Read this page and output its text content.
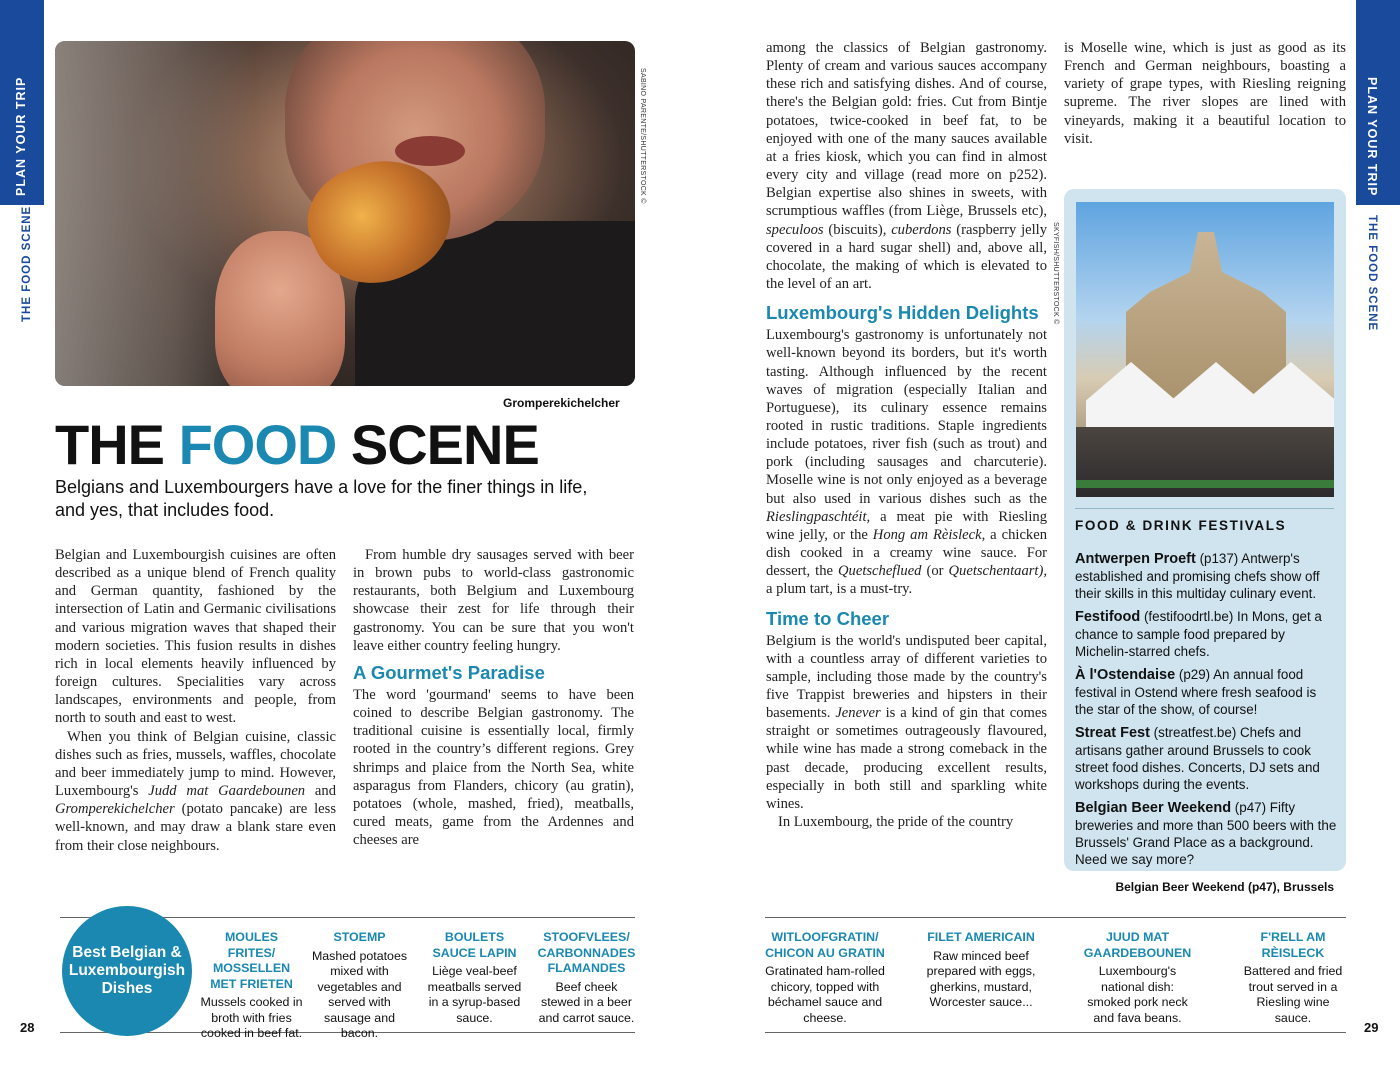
PLAN YOUR TRIP
THE FOOD SCENE
PLAN YOUR TRIP
THE FOOD SCENE
SABINO PARENTE/SHUTTERSTOCK ©
Gromperekichelcher
THE FOOD SCENE
Belgians and Luxembourgers have a love for the finer things in life, and yes, that includes food.

Belgian and Luxembourgish cuisines are often described as a unique blend of French quality and German quantity, fashioned by the intersection of Latin and Germanic civilisations and various migration waves that shaped their modern societies. This fusion results in dishes rich in local elements heavily influenced by foreign cultures. Specialities vary across landscapes, environments and people, from north to south and east to west.

When you think of Belgian cuisine, classic dishes such as fries, mussels, waffles, chocolate and beer immediately jump to mind. However, Luxembourg's Judd mat Gaardebounen and Gromperekichelcher (potato pancake) are less well-known, and may draw a blank stare even from their close neighbours.

From humble dry sausages served with beer in brown pubs to world-class gastronomic restaurants, both Belgium and Luxembourg showcase their zest for life through their gastronomy. You can be sure that you won't leave either country feeling hungry.

A Gourmet's Paradise

The word 'gourmand' seems to have been coined to describe Belgian gastronomy. The traditional cuisine is essentially local, firmly rooted in the country’s different regions. Grey shrimps and plaice from the North Sea, white asparagus from Flanders, chicory (au gratin), potatoes (whole, mashed, fried), meatballs, cured meats, game from the Ardennes and cheeses are

among the classics of Belgian gastronomy. Plenty of cream and various sauces accompany these rich and satisfying dishes. And of course, there's the Belgian gold: fries. Cut from Bintje potatoes, twice-cooked in beef fat, to be enjoyed with one of the many sauces available at a fries kiosk, which you can find in almost every city and village (read more on p252). Belgian expertise also shines in sweets, with scrumptious waffles (from Liège, Brussels etc), speculoos (biscuits), cuberdons (raspberry jelly covered in a hard sugar shell) and, above all, chocolate, the making of which is elevated to the level of an art.

Luxembourg's Hidden Delights

Luxembourg's gastronomy is unfortunately not well-known beyond its borders, but it's worth tasting. Although influenced by the recent waves of migration (especially Italian and Portuguese), its culinary essence remains rooted in rustic traditions. Staple ingredients include potatoes, river fish (such as trout) and pork (including sausages and charcuterie). Moselle wine is not only enjoyed as a beverage but also used in various dishes such as the Rieslingpaschtéit, a meat pie with Riesling wine jelly, or the Hong am Rèisleck, a chicken dish cooked in a creamy wine sauce. For dessert, the Quetscheflued (or Quetschentaart), a plum tart, is a must-try.

Time to Cheer

Belgium is the world's undisputed beer capital, with a countless array of different varieties to sample, including those made by the country's five Trappist breweries and hipsters in their basements. Jenever is a kind of gin that comes straight or sometimes outrageously flavoured, while wine has made a strong comeback in the past decade, producing excellent results, especially in both still and sparkling white wines.

In Luxembourg, the pride of the country

SKYFISH/SHUTTERSTOCK ©

is Moselle wine, which is just as good as its French and German neighbours, boasting a variety of grape types, with Riesling reigning supreme. The river slopes are lined with vineyards, making it a beautiful location to visit.

FOOD & DRINK FESTIVALS
Antwerpen Proeft (p137) Antwerp's established and promising chefs show off their skills in this multiday culinary event.
Festifood (festifoodrtl.be) In Mons, get a chance to sample food prepared by Michelin-starred chefs.
À l'Ostendaise (p29) An annual food festival in Ostend where fresh seafood is the star of the show, of course!
Streat Fest (streatfest.be) Chefs and artisans gather around Brussels to cook street food dishes. Concerts, DJ sets and workshops during the events.
Belgian Beer Weekend (p47) Fifty breweries and more than 500 beers with the Brussels' Grand Place as a background. Need we say more?
Belgian Beer Weekend (p47), Brussels
Best Belgian & Luxembourgish Dishes
MOULES FRITES/ MOSSELLEN MET FRIETEN
Mussels cooked in broth with fries cooked in beef fat.
STOEMP
Mashed potatoes mixed with vegetables and served with sausage and bacon.
BOULETS SAUCE LAPIN
Liège veal-beef meatballs served in a syrup-based sauce.
STOOFVLEES/ CARBONNADES FLAMANDES
Beef cheek stewed in a beer and carrot sauce.
WITLOOFGRATIN/ CHICON AU GRATIN
Gratinated ham-rolled chicory, topped with béchamel sauce and cheese.
FILET AMERICAIN
Raw minced beef prepared with eggs, gherkins, mustard, Worcester sauce...
JUUD MAT GAARDEBOUNEN
Luxembourg's national dish: smoked pork neck and fava beans.
F'RELL AM RÈISLECK
Battered and fried trout served in a Riesling wine sauce.
28	29
